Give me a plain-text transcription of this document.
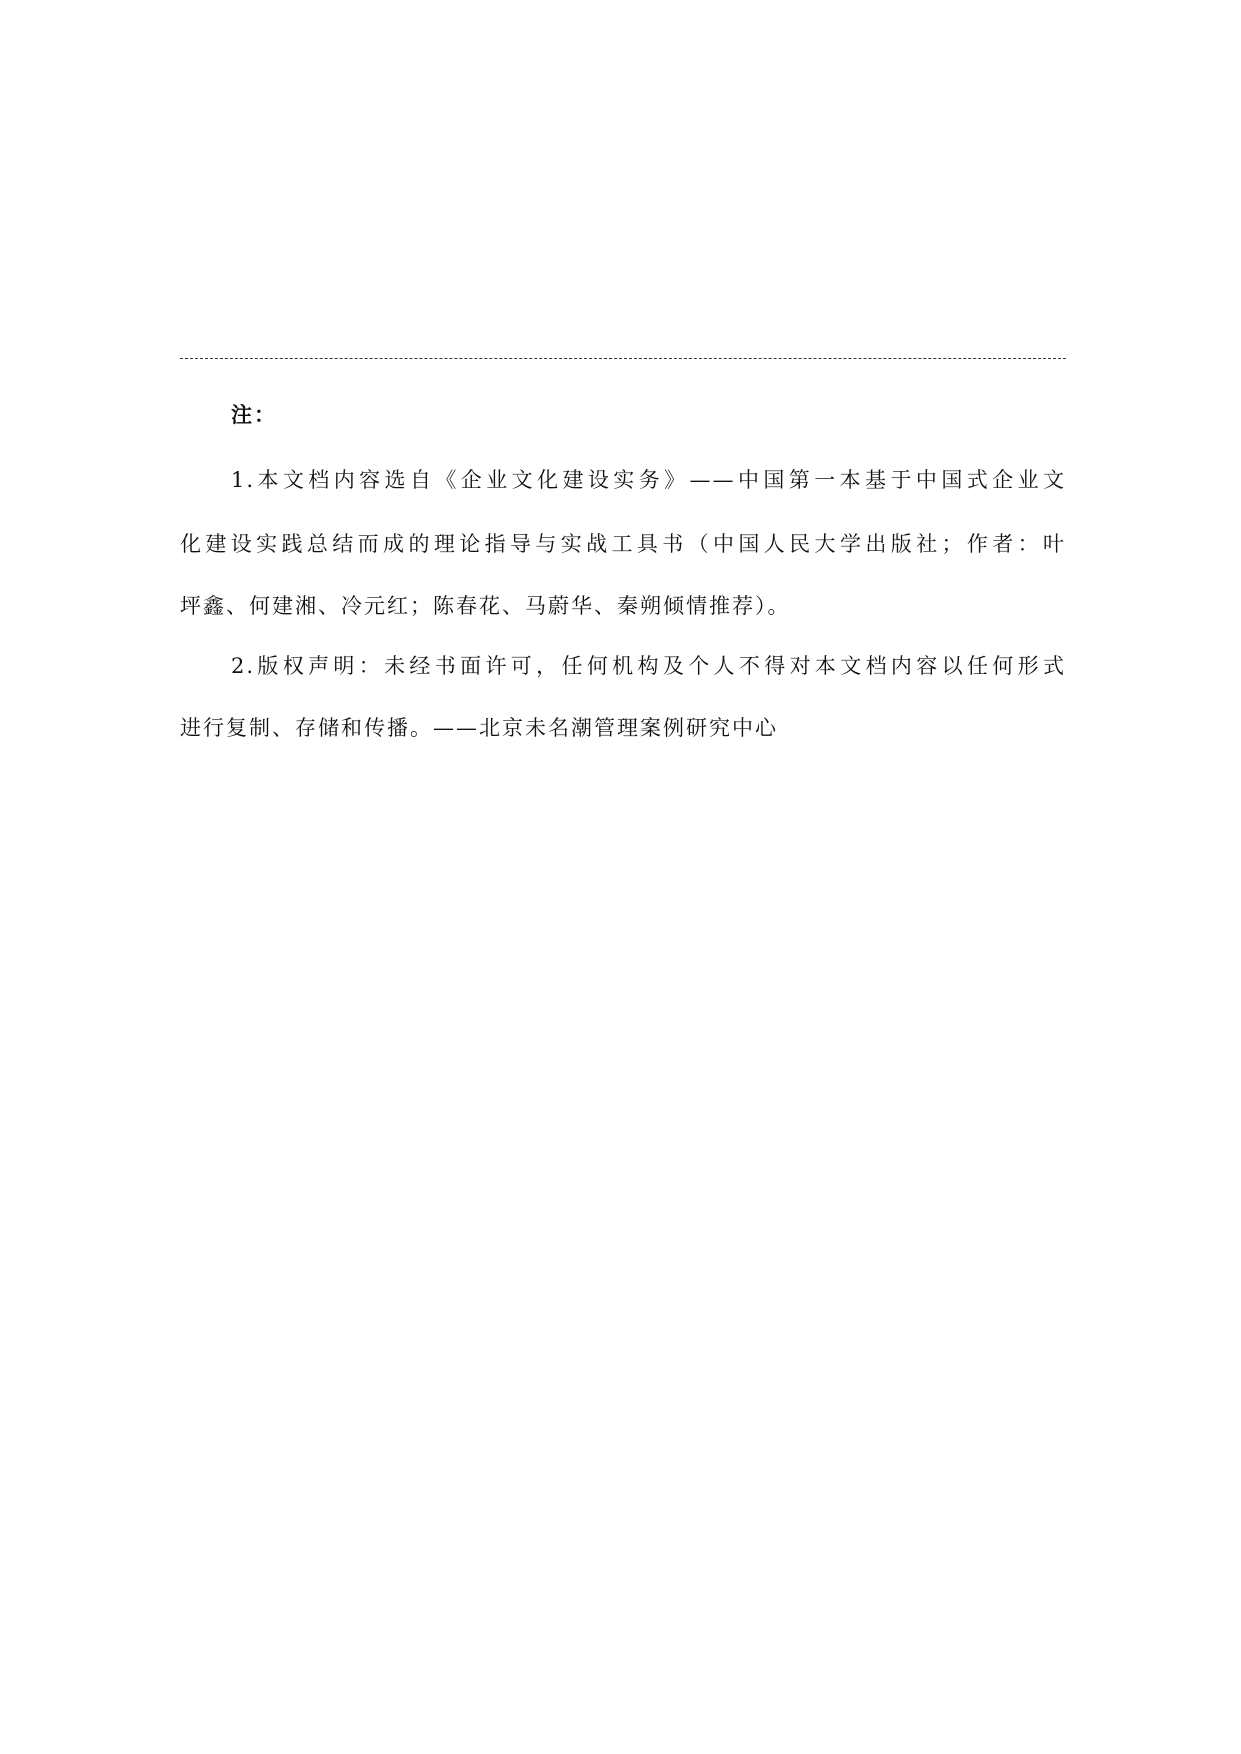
注：
1.本文档内容选自《企业文化建设实务》——中国第一本基于中国式企业文
化建设实践总结而成的理论指导与实战工具书（中国人民大学出版社；作者：叶
坪鑫、何建湘、冷元红；陈春花、马蔚华、秦朔倾情推荐）。
2.版权声明：未经书面许可，任何机构及个人不得对本文档内容以任何形式
进行复制、存储和传播。——北京未名潮管理案例研究中心
